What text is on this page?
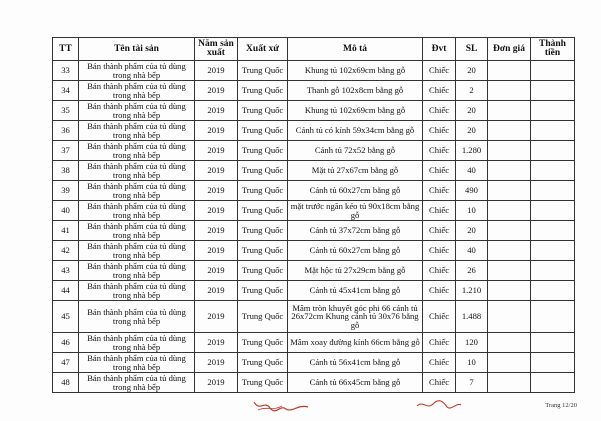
TT	Tên tài sản	Năm sản xuất	Xuất xứ	Mô tả	Đvt	SL	Đơn giá	Thành tiền
33	Bán thành phẩm của tủ dùng trong nhà bếp	2019	Trung Quốc	Khung tủ 102x69cm bằng gỗ	Chiếc	20		
34	Bán thành phẩm của tủ dùng trong nhà bếp	2019	Trung Quốc	Thanh gỗ 102x8cm bằng gỗ	Chiếc	2		
35	Bán thành phẩm của tủ dùng trong nhà bếp	2019	Trung Quốc	Khung tủ 102x69cm bằng gỗ	Chiếc	20		
36	Bán thành phẩm của tủ dùng trong nhà bếp	2019	Trung Quốc	Cánh tủ có kính 59x34cm bằng gỗ	Chiếc	20		
37	Bán thành phẩm của tủ dùng trong nhà bếp	2019	Trung Quốc	Cánh tủ 72x52 bằng gỗ	Chiếc	1.280		
38	Bán thành phẩm của tủ dùng trong nhà bếp	2019	Trung Quốc	Mặt tủ 27x67cm bằng gỗ	Chiếc	40		
39	Bán thành phẩm của tủ dùng trong nhà bếp	2019	Trung Quốc	Cánh tủ 60x27cm bằng gỗ	Chiếc	490		
40	Bán thành phẩm của tủ dùng trong nhà bếp	2019	Trung Quốc	mặt trước ngăn kéo tủ 90x18cm bằng gỗ	Chiếc	10		
41	Bán thành phẩm của tủ dùng trong nhà bếp	2019	Trung Quốc	Cánh tủ 37x72cm bằng gỗ	Chiếc	20		
42	Bán thành phẩm của tủ dùng trong nhà bếp	2019	Trung Quốc	Cánh tủ 60x27cm bằng gỗ	Chiếc	40		
43	Bán thành phẩm của tủ dùng trong nhà bếp	2019	Trung Quốc	Mặt hộc tủ 27x29cm bằng gỗ	Chiếc	26		
44	Bán thành phẩm của tủ dùng trong nhà bếp	2019	Trung Quốc	Cánh tủ 45x41cm bằng gỗ	Chiếc	1.210		
45	Bán thành phẩm của tủ dùng trong nhà bếp	2019	Trung Quốc	Mâm tròn khuyết góc phi 66 cánh tủ 26x72cm Khung cánh tủ 30x76 bằng gỗ	Chiếc	1.488		
46	Bán thành phẩm của tủ dùng trong nhà bếp	2019	Trung Quốc	Mâm xoay đường kính 66cm bằng gỗ	Chiếc	120		
47	Bán thành phẩm của tủ dùng trong nhà bếp	2019	Trung Quốc	Cánh tủ 56x41cm bằng gỗ	Chiếc	10		
48	Bán thành phẩm của tủ dùng trong nhà bếp	2019	Trung Quốc	Cánh tủ 66x45cm bằng gỗ	Chiếc	7		
Trang 12/20
